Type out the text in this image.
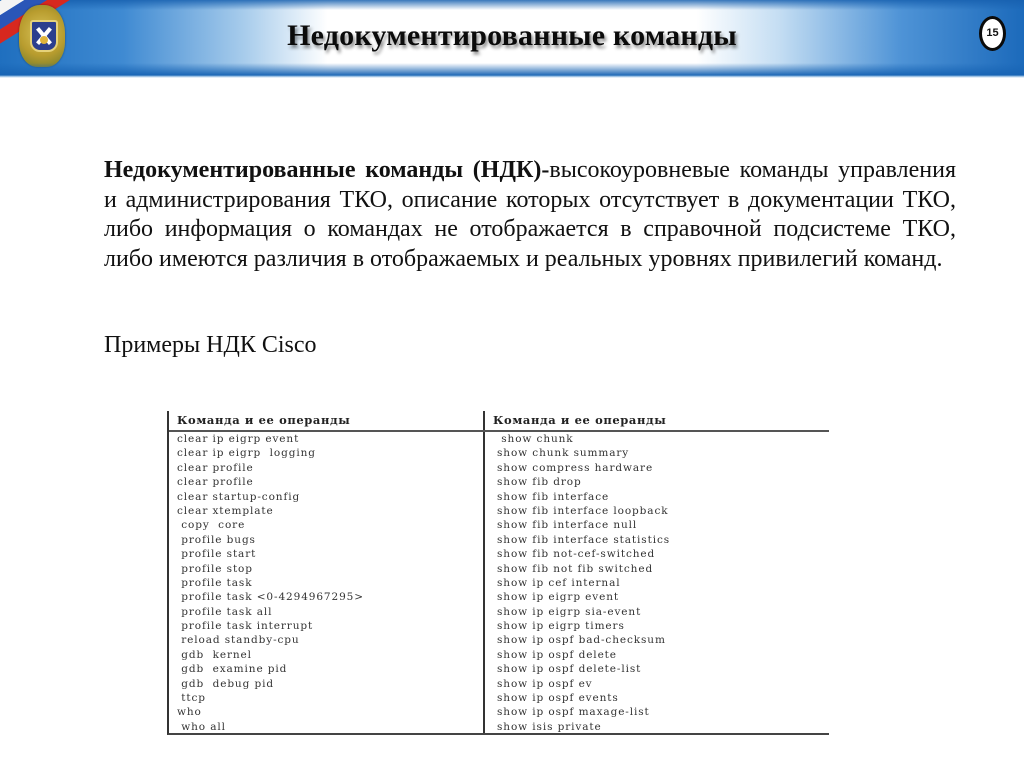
Недокументированные команды	15
Недокументированные команды (НДК)-высокоуровневые команды управления и администрирования ТКО, описание которых отсутствует в документации ТКО, либо информация о командах не отображается в справочной подсистеме ТКО, либо имеются различия в отображаемых и реальных уровнях привилегий команд.
Примеры НДК Cisco
Команда и ее операнды
clear ip eigrp event
clear ip eigrp  logging
clear profile
clear profile
clear startup-config
clear xtemplate
copy  core
profile bugs
profile start
profile stop
profile task
profile task <0-4294967295>
profile task all
profile task interrupt
reload standby-cpu
gdb  kernel
gdb  examine pid
gdb  debug pid
ttcp
who
who all
Команда и ее операнды
show chunk
show chunk summary
show compress hardware
show fib drop
show fib interface
show fib interface loopback
show fib interface null
show fib interface statistics
show fib not-cef-switched
show fib not fib switched
show ip cef internal
show ip eigrp event
show ip eigrp sia-event
show ip eigrp timers
show ip ospf bad-checksum
show ip ospf delete
show ip ospf delete-list
show ip ospf ev
show ip ospf events
show ip ospf maxage-list
show isis private
